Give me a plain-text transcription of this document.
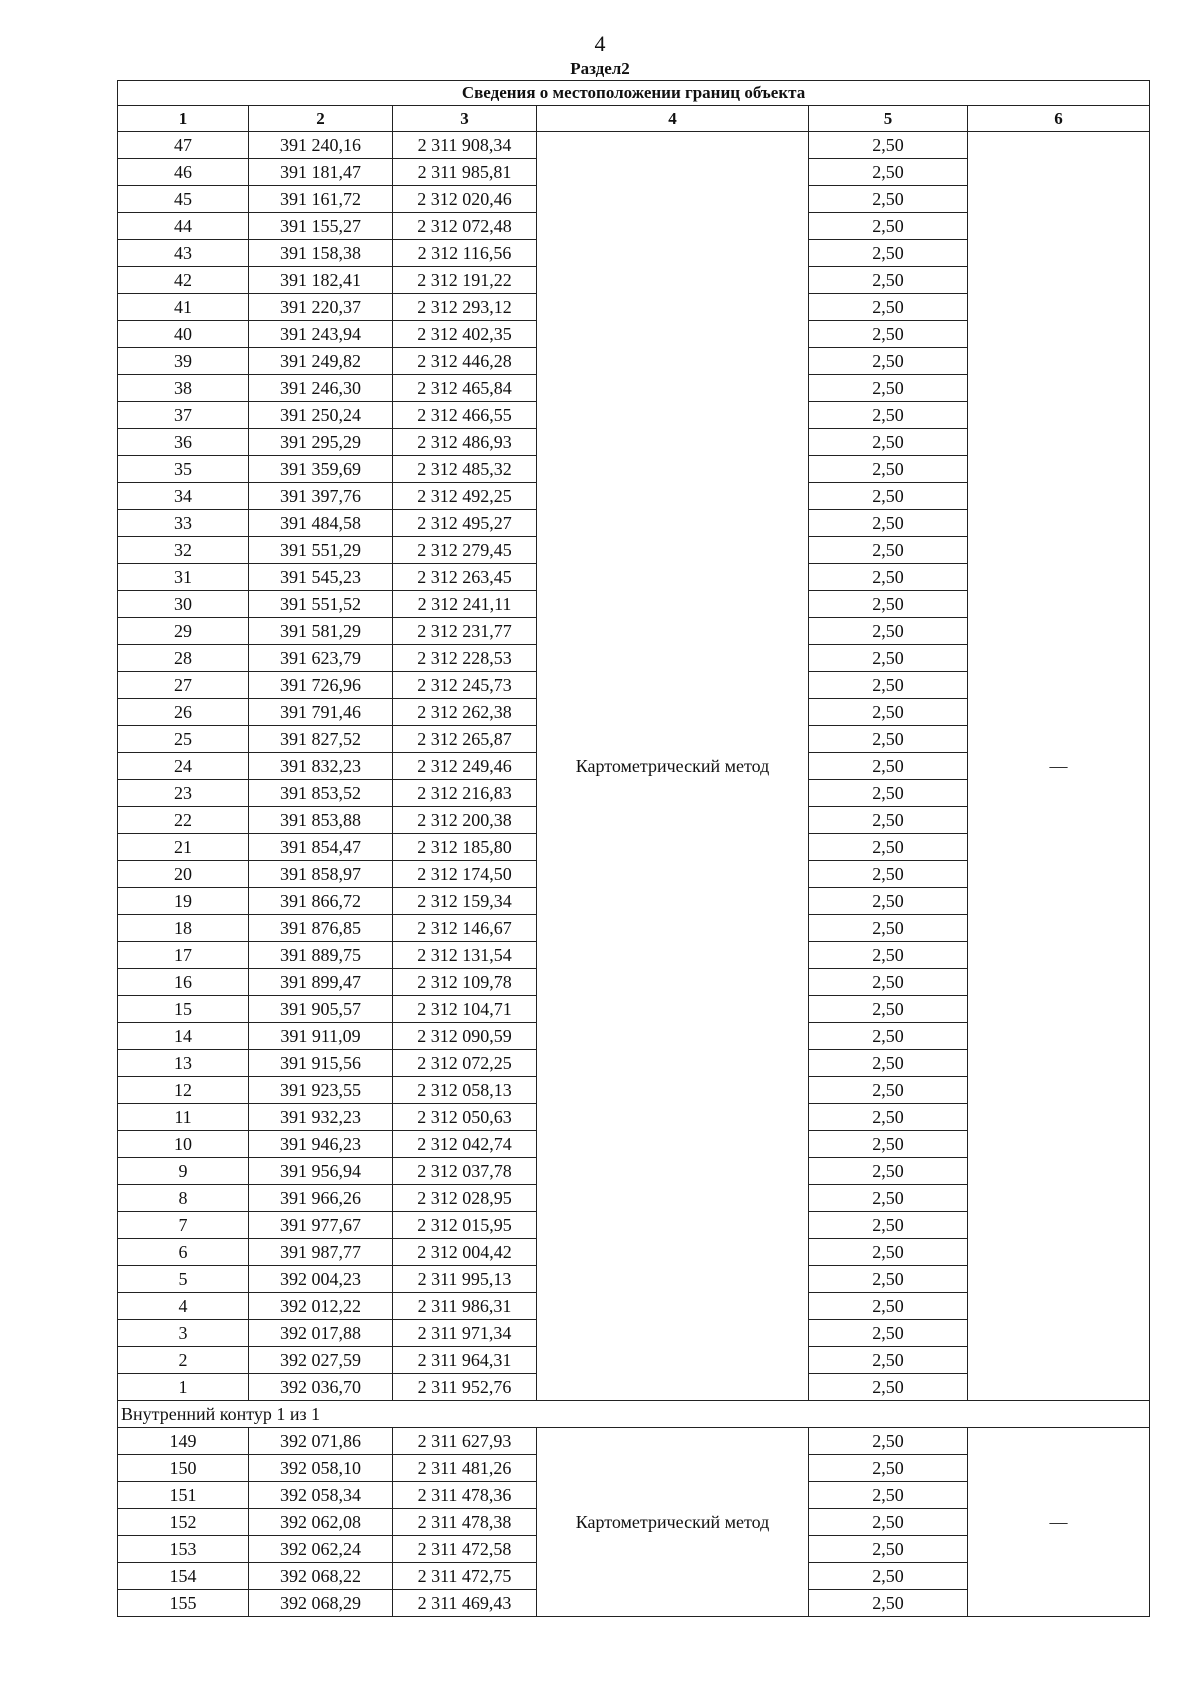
4
Раздел2
Сведения о местоположении границ объекта					
1	2	3	4	5	6
47	391 240,16	2 311 908,34	Картометрический метод	2,50	—
46	391 181,47	2 311 985,81		2,50	
45	391 161,72	2 312 020,46		2,50	
44	391 155,27	2 312 072,48		2,50	
43	391 158,38	2 312 116,56		2,50	
42	391 182,41	2 312 191,22		2,50	
41	391 220,37	2 312 293,12		2,50	
40	391 243,94	2 312 402,35		2,50	
39	391 249,82	2 312 446,28		2,50	
38	391 246,30	2 312 465,84		2,50	
37	391 250,24	2 312 466,55		2,50	
36	391 295,29	2 312 486,93		2,50	
35	391 359,69	2 312 485,32		2,50	
34	391 397,76	2 312 492,25		2,50	
33	391 484,58	2 312 495,27		2,50	
32	391 551,29	2 312 279,45		2,50	
31	391 545,23	2 312 263,45		2,50	
30	391 551,52	2 312 241,11		2,50	
29	391 581,29	2 312 231,77		2,50	
28	391 623,79	2 312 228,53		2,50	
27	391 726,96	2 312 245,73		2,50	
26	391 791,46	2 312 262,38		2,50	
25	391 827,52	2 312 265,87		2,50	
24	391 832,23	2 312 249,46		2,50	
23	391 853,52	2 312 216,83		2,50	
22	391 853,88	2 312 200,38		2,50	
21	391 854,47	2 312 185,80		2,50	
20	391 858,97	2 312 174,50		2,50	
19	391 866,72	2 312 159,34		2,50	
18	391 876,85	2 312 146,67		2,50	
17	391 889,75	2 312 131,54		2,50	
16	391 899,47	2 312 109,78		2,50	
15	391 905,57	2 312 104,71		2,50	
14	391 911,09	2 312 090,59		2,50	
13	391 915,56	2 312 072,25		2,50	
12	391 923,55	2 312 058,13		2,50	
11	391 932,23	2 312 050,63		2,50	
10	391 946,23	2 312 042,74		2,50	
9	391 956,94	2 312 037,78		2,50	
8	391 966,26	2 312 028,95		2,50	
7	391 977,67	2 312 015,95		2,50	
6	391 987,77	2 312 004,42		2,50	
5	392 004,23	2 311 995,13		2,50	
4	392 012,22	2 311 986,31		2,50	
3	392 017,88	2 311 971,34		2,50	
2	392 027,59	2 311 964,31		2,50	
1	392 036,70	2 311 952,76		2,50	
Внутренний контур 1 из 1					
149	392 071,86	2 311 627,93	Картометрический метод	2,50	—
150	392 058,10	2 311 481,26		2,50	
151	392 058,34	2 311 478,36		2,50	
152	392 062,08	2 311 478,38		2,50	
153	392 062,24	2 311 472,58		2,50	
154	392 068,22	2 311 472,75		2,50	
155	392 068,29	2 311 469,43		2,50	
